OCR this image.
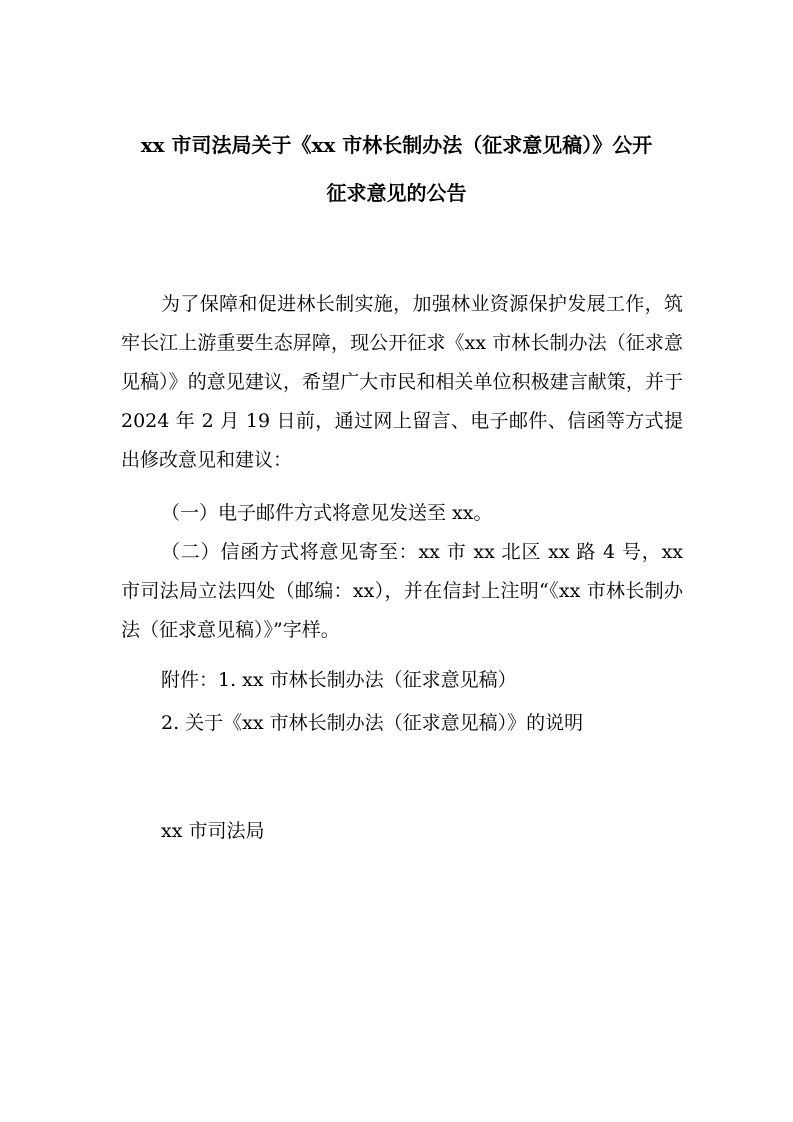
xx 市司法局关于《xx 市林长制办法（征求意见稿）》公开
征求意见的公告

为了保障和促进林长制实施，加强林业资源保护发展工作，筑牢长江上游重要生态屏障，现公开征求《xx 市林长制办法（征求意见稿）》的意见建议，希望广大市民和相关单位积极建言献策，并于 2024 年 2 月 19 日前，通过网上留言、电子邮件、信函等方式提出修改意见和建议：

（一）电子邮件方式将意见发送至 xx。

（二）信函方式将意见寄至：xx 市 xx 北区 xx 路 4 号，xx 市司法局立法四处（邮编：xx），并在信封上注明“《xx 市林长制办法（征求意见稿）》”字样。

附件：1. xx 市林长制办法（征求意见稿）

2. 关于《xx 市林长制办法（征求意见稿）》的说明

xx 市司法局
